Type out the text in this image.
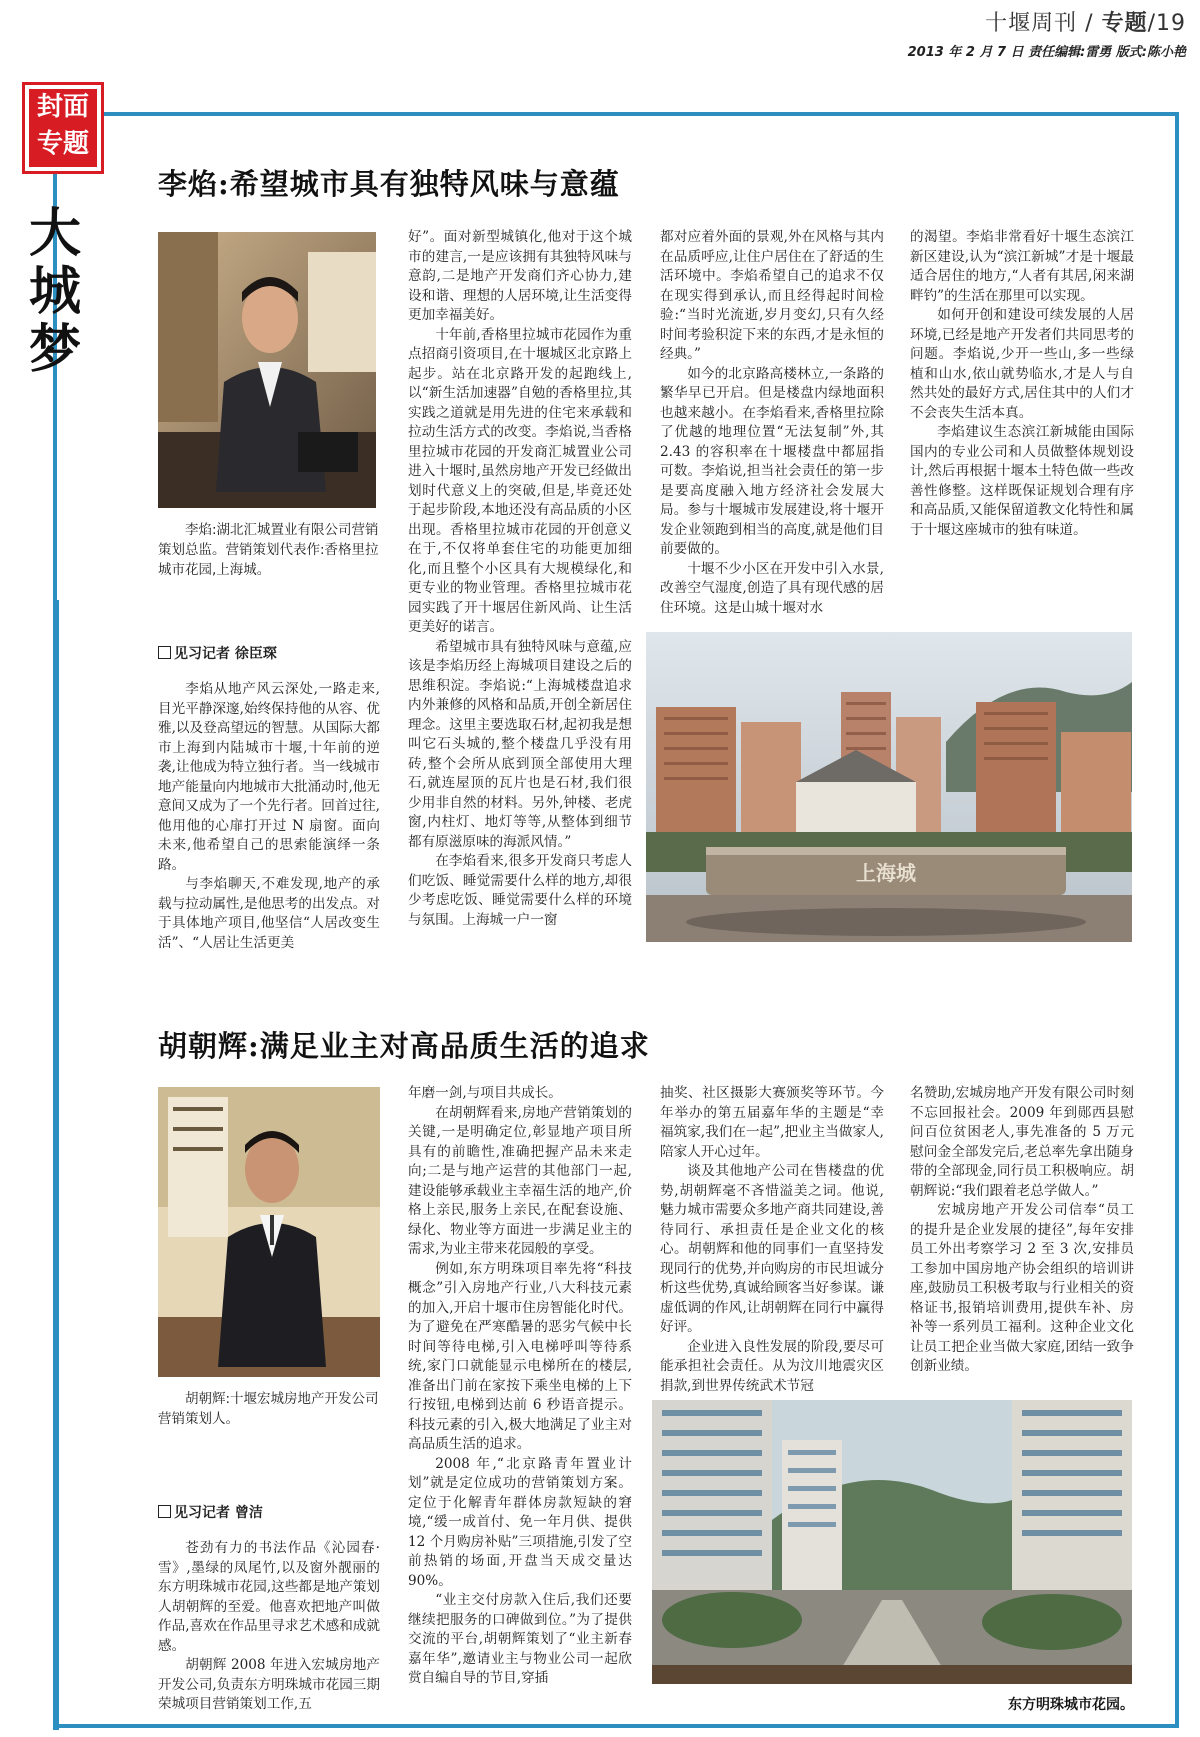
十堰周刊 / 专题/19
2013 年 2 月 7 日 责任编辑:雷勇 版式:陈小艳
封面
专题
大城梦
李焰:希望城市具有独特风味与意蕴
李焰:湖北汇城置业有限公司营销策划总监。营销策划代表作:香格里拉城市花园,上海城。
见习记者 徐臣琛

李焰从地产风云深处,一路走来,目光平静深邃,始终保持他的从容、优雅,以及登高望远的智慧。从国际大都市上海到内陆城市十堰,十年前的逆袭,让他成为特立独行者。当一线城市地产能量向内地城市大批涌动时,他无意间又成为了一个先行者。回首过往,他用他的心扉打开过 N 扇窗。面向未来,他希望自己的思索能演绎一条路。

与李焰聊天,不难发现,地产的承载与拉动属性,是他思考的出发点。对于具体地产项目,他坚信“人居改变生活”、“人居让生活更美

好”。面对新型城镇化,他对于这个城市的建言,一是应该拥有其独特风味与意韵,二是地产开发商们齐心协力,建设和谐、理想的人居环境,让生活变得更加幸福美好。

十年前,香格里拉城市花园作为重点招商引资项目,在十堰城区北京路上起步。站在北京路开发的起跑线上,以“新生活加速器”自勉的香格里拉,其实践之道就是用先进的住宅来承载和拉动生活方式的改变。李焰说,当香格里拉城市花园的开发商汇城置业公司进入十堰时,虽然房地产开发已经做出划时代意义上的突破,但是,毕竟还处于起步阶段,本地还没有高品质的小区出现。香格里拉城市花园的开创意义在于,不仅将单套住宅的功能更加细化,而且整个小区具有大规模绿化,和更专业的物业管理。香格里拉城市花园实践了开十堰居住新风尚、让生活更美好的诺言。

希望城市具有独特风味与意蕴,应该是李焰历经上海城项目建设之后的思维积淀。李焰说:“上海城楼盘追求内外兼修的风格和品质,开创全新居住理念。这里主要选取石材,起初我是想叫它石头城的,整个楼盘几乎没有用砖,整个会所从底到顶全部使用大理石,就连屋顶的瓦片也是石材,我们很少用非自然的材料。另外,钟楼、老虎窗,内柱灯、地灯等等,从整体到细节都有原滋原味的海派风情。”

在李焰看来,很多开发商只考虑人们吃饭、睡觉需要什么样的地方,却很少考虑吃饭、睡觉需要什么样的环境与氛围。上海城一户一窗

都对应着外面的景观,外在风格与其内在品质呼应,让住户居住在了舒适的生活环境中。李焰希望自己的追求不仅在现实得到承认,而且经得起时间检验:“当时光流逝,岁月变幻,只有久经时间考验积淀下来的东西,才是永恒的经典。”

如今的北京路高楼林立,一条路的繁华早已开启。但是楼盘内绿地面积也越来越小。在李焰看来,香格里拉除了优越的地理位置“无法复制”外,其 2.43 的容积率在十堰楼盘中都屈指可数。李焰说,担当社会责任的第一步是要高度融入地方经济社会发展大局。参与十堰城市发展建设,将十堰开发企业领跑到相当的高度,就是他们目前要做的。

十堰不少小区在开发中引入水景,改善空气湿度,创造了具有现代感的居住环境。这是山城十堰对水

的渴望。李焰非常看好十堰生态滨江新区建设,认为“滨江新城”才是十堰最适合居住的地方,“人者有其居,闲来湖畔钓”的生活在那里可以实现。

如何开创和建设可续发展的人居环境,已经是地产开发者们共同思考的问题。李焰说,少开一些山,多一些绿植和山水,依山就势临水,才是人与自然共处的最好方式,居住其中的人们才不会丧失生活本真。

李焰建议生态滨江新城能由国际国内的专业公司和人员做整体规划设计,然后再根据十堰本土特色做一些改善性修整。这样既保证规划合理有序和高品质,又能保留道教文化特性和属于十堰这座城市的独有味道。

上海城
胡朝辉:满足业主对高品质生活的追求
胡朝辉:十堰宏城房地产开发公司营销策划人。
见习记者 曾洁

苍劲有力的书法作品《沁园春·雪》,墨绿的凤尾竹,以及窗外靓丽的东方明珠城市花园,这些都是地产策划人胡朝辉的至爱。他喜欢把地产叫做作品,喜欢在作品里寻求艺术感和成就感。

胡朝辉 2008 年进入宏城房地产开发公司,负责东方明珠城市花园三期荣城项目营销策划工作,五

年磨一剑,与项目共成长。

在胡朝辉看来,房地产营销策划的关键,一是明确定位,彰显地产项目所具有的前瞻性,准确把握产品未来走向;二是与地产运营的其他部门一起,建设能够承载业主幸福生活的地产,价格上亲民,服务上亲民,在配套设施、绿化、物业等方面进一步满足业主的需求,为业主带来花园般的享受。

例如,东方明珠项目率先将“科技概念”引入房地产行业,八大科技元素的加入,开启十堰市住房智能化时代。为了避免在严寒酷暑的恶劣气候中长时间等待电梯,引入电梯呼叫等待系统,家门口就能显示电梯所在的楼层,准备出门前在家按下乘坐电梯的上下行按钮,电梯到达前 6 秒语音提示。科技元素的引入,极大地满足了业主对高品质生活的追求。

2008 年,“北京路青年置业计划”就是定位成功的营销策划方案。定位于化解青年群体房款短缺的窘境,“缓一成首付、免一年月供、提供 12 个月购房补贴”三项措施,引发了空前热销的场面,开盘当天成交量达 90%。

“业主交付房款入住后,我们还要继续把服务的口碑做到位。”为了提供交流的平台,胡朝辉策划了“业主新春嘉年华”,邀请业主与物业公司一起欣赏自编自导的节目,穿插

抽奖、社区摄影大赛颁奖等环节。今年举办的第五届嘉年华的主题是“幸福筑家,我们在一起”,把业主当做家人,陪家人开心过年。

谈及其他地产公司在售楼盘的优势,胡朝辉毫不吝惜溢美之词。他说,魅力城市需要众多地产商共同建设,善待同行、承担责任是企业文化的核心。胡朝辉和他的同事们一直坚持发现同行的优势,并向购房的市民坦诚分析这些优势,真诚给顾客当好参谋。谦虚低调的作风,让胡朝辉在同行中赢得好评。

企业进入良性发展的阶段,要尽可能承担社会责任。从为汶川地震灾区捐款,到世界传统武术节冠

名赞助,宏城房地产开发有限公司时刻不忘回报社会。2009 年到郧西县慰问百位贫困老人,事先准备的 5 万元慰问金全部发完后,老总率先拿出随身带的全部现金,同行员工积极响应。胡朝辉说:“我们跟着老总学做人。”

宏城房地产开发公司信奉“员工的提升是企业发展的捷径”,每年安排员工外出考察学习 2 至 3 次,安排员工参加中国房地产协会组织的培训讲座,鼓励员工积极考取与行业相关的资格证书,报销培训费用,提供车补、房补等一系列员工福利。这种企业文化让员工把企业当做大家庭,团结一致争创新业绩。

东方明珠城市花园。
